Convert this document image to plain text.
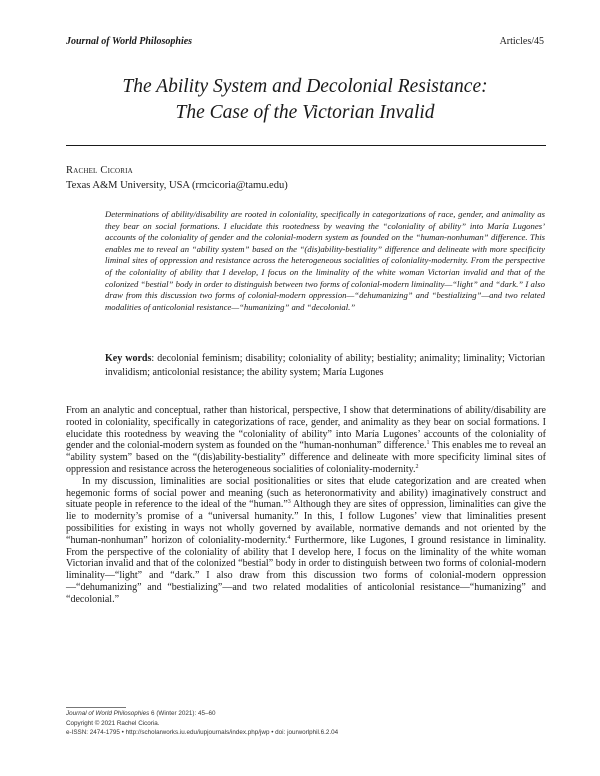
Journal of World Philosophies	Articles/45
The Ability System and Decolonial Resistance:
The Case of the Victorian Invalid
Rachel Cicoria
Texas A&M University, USA (rmcicoria@tamu.edu)

Determinations of ability/disability are rooted in coloniality, specifically in categorizations of race, gender, and animality as they bear on social formations. I elucidate this rootedness by weaving the “coloniality of ability” into María Lugones’ accounts of the coloniality of gender and the colonial-modern system as founded on the “human-nonhuman” difference. This enables me to reveal an “ability system” based on the “(dis)ability-bestiality” difference and delineate with more specificity liminal sites of oppression and resistance across the heterogeneous socialities of coloniality-modernity. From the perspective of the coloniality of ability that I develop, I focus on the liminality of the white woman Victorian invalid and that of the colonized “bestial” body in order to distinguish between two forms of colonial-modern liminality—“light” and “dark.” I also draw from this discussion two forms of colonial-modern oppression—“dehumanizing” and “bestializing”—and two related modalities of anticolonial resistance—“humanizing” and “decolonial.”

Key words: decolonial feminism; disability; coloniality of ability; bestiality; animality; liminality; Victorian invalidism; anticolonial resistance; the ability system; María Lugones

From an analytic and conceptual, rather than historical, perspective, I show that determinations of ability/disability are rooted in coloniality, specifically in categorizations of race, gender, and animality as they bear on social formations. I elucidate this rootedness by weaving the “coloniality of ability” into María Lugones’ accounts of the coloniality of gender and the colonial-modern system as founded on the “human-nonhuman” difference.$^1$ This enables me to reveal an “ability system” based on the “(dis)ability-bestiality” difference and delineate with more specificity liminal sites of oppression and resistance across the heterogeneous socialities of coloniality-modernity.$^2$

In my discussion, liminalities are social positionalities or sites that elude categorization and are created when hegemonic forms of social power and meaning (such as heteronormativity and ability) imaginatively construct and situate people in reference to the ideal of the “human.”$^3$ Although they are sites of oppression, liminalities can give the lie to modernity’s promise of a “universal humanity.” In this, I follow Lugones’ view that liminalities present possibilities for existing in ways not wholly governed by available, normative demands and not oriented by the “human-nonhuman” horizon of coloniality-modernity.$^4$ Furthermore, like Lugones, I ground resistance in liminality. From the perspective of the coloniality of ability that I develop here, I focus on the liminality of the white woman Victorian invalid and that of the colonized “bestial” body in order to distinguish between two forms of colonial-modern liminality—“light” and “dark.” I also draw from this discussion two forms of colonial-modern oppression—“dehumanizing” and “bestializing”—and two related modalities of anticolonial resistance—“humanizing” and “decolonial.”

Journal of World Philosophies 6 (Winter 2021): 45–60
Copyright © 2021 Rachel Cicoria.
e-ISSN: 2474-1795 • http://scholarworks.iu.edu/iupjournals/index.php/jwp • doi: jourworlphil.6.2.04
